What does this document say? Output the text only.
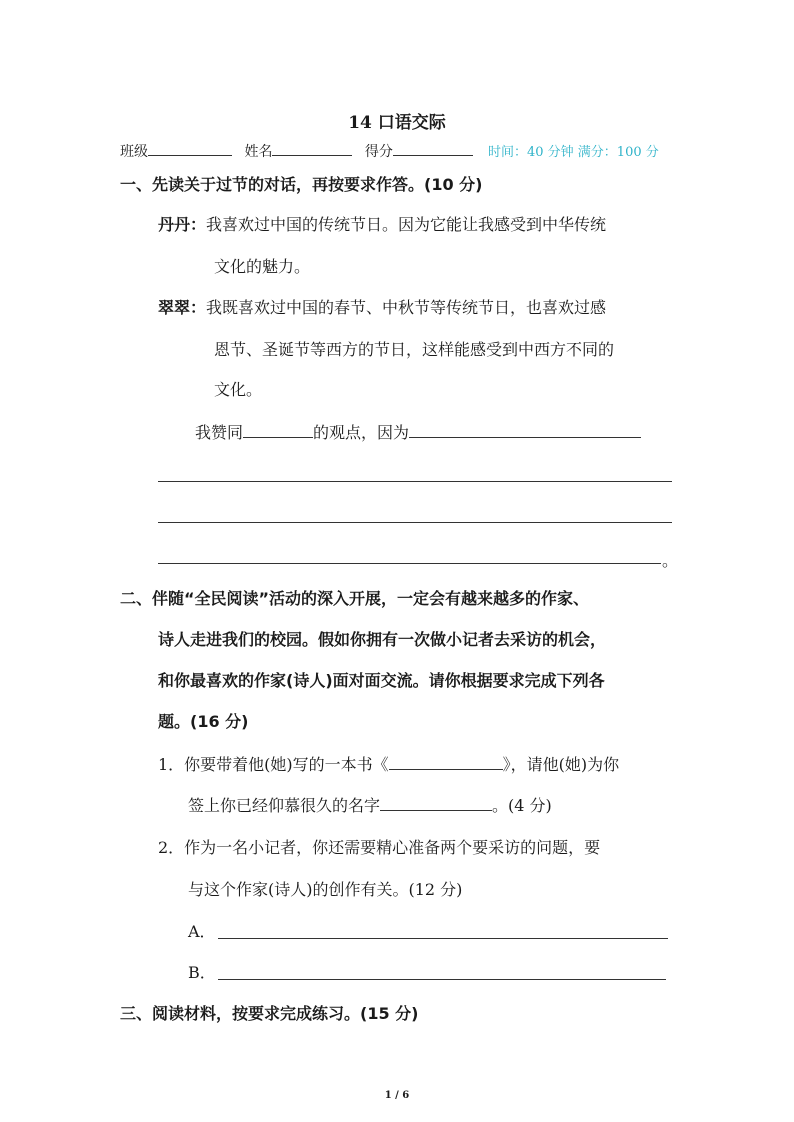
14 口语交际
班级	姓名	得分	时间：40 分钟 满分：100 分
一、先读关于过节的对话，再按要求作答。(10 分)
丹丹：我喜欢过中国的传统节日。因为它能让我感受到中华传统
文化的魅力。
翠翠：我既喜欢过中国的春节、中秋节等传统节日，也喜欢过感
恩节、圣诞节等西方的节日，这样能感受到中西方不同的
文化。
我赞同	的观点，因为
。
二、伴随“全民阅读”活动的深入开展，一定会有越来越多的作家、
诗人走进我们的校园。假如你拥有一次做小记者去采访的机会，
和你最喜欢的作家(诗人)面对面交流。请你根据要求完成下列各
题。(16 分)
1．你要带着他(她)写的一本书《	》，请他(她)为你
签上你已经仰慕很久的名字	。(4 分)
2．作为一名小记者，你还需要精心准备两个要采访的问题，要
与这个作家(诗人)的创作有关。(12 分)
A．
B．
三、阅读材料，按要求完成练习。(15 分)
1 / 6
